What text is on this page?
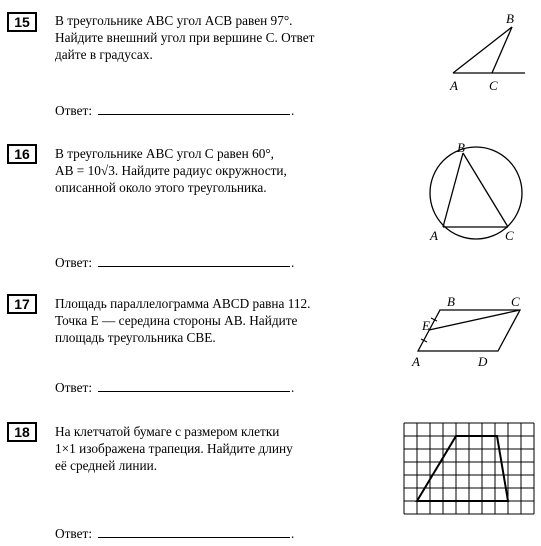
15	В треугольнике ABC угол ACB равен 97°.
Найдите внешний угол при вершине C. Ответ
дайте в градусах.
Ответ:	.
B
A C
16	В треугольнике ABC угол C равен 60°,
AB = 10√3. Найдите радиус окружности,
описанной около этого треугольника.
Ответ:	.
B
A	C
17	Площадь параллелограмма ABCD равна 112.
Точка E — середина стороны AB. Найдите
площадь треугольника CBE.
Ответ:	.
B	C
E
A	D
18	На клетчатой бумаге с размером клетки
1×1 изображена трапеция. Найдите длину
её средней линии.
Ответ:	.
